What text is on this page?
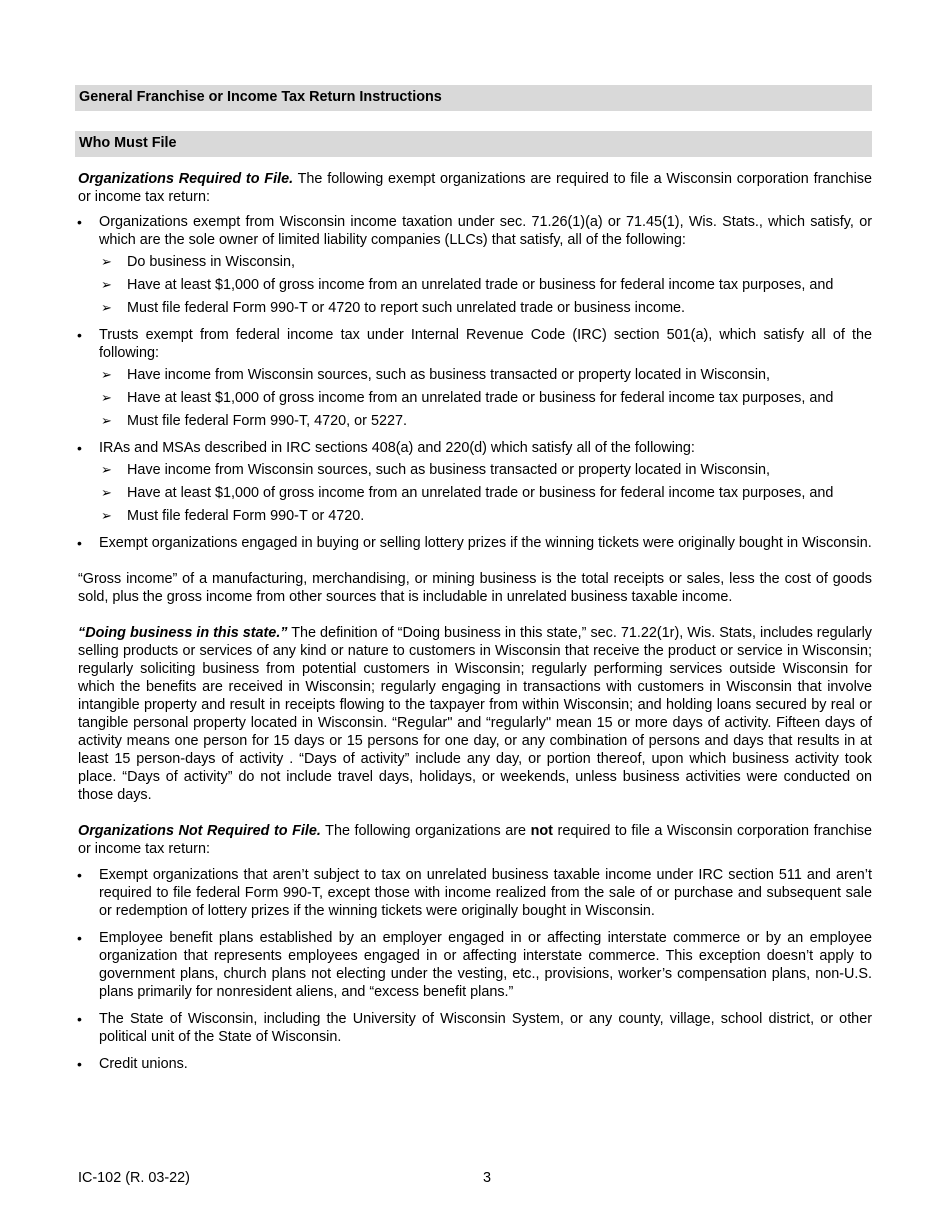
General Franchise or Income Tax Return Instructions
Who Must File

Organizations Required to File. The following exempt organizations are required to file a Wisconsin corporation franchise or income tax return:

• Organizations exempt from Wisconsin income taxation under sec. 71.26(1)(a) or 71.45(1), Wis. Stats., which satisfy, or which are the sole owner of limited liability companies (LLCs) that satisfy, all of the following:
➢ Do business in Wisconsin,
➢ Have at least $1,000 of gross income from an unrelated trade or business for federal income tax purposes, and
➢ Must file federal Form 990-T or 4720 to report such unrelated trade or business income.
• Trusts exempt from federal income tax under Internal Revenue Code (IRC) section 501(a), which satisfy all of the following:
➢ Have income from Wisconsin sources, such as business transacted or property located in Wisconsin,
➢ Have at least $1,000 of gross income from an unrelated trade or business for federal income tax purposes, and
➢ Must file federal Form 990-T, 4720, or 5227.
• IRAs and MSAs described in IRC sections 408(a) and 220(d) which satisfy all of the following:
➢ Have income from Wisconsin sources, such as business transacted or property located in Wisconsin,
➢ Have at least $1,000 of gross income from an unrelated trade or business for federal income tax purposes, and
➢ Must file federal Form 990-T or 4720.
• Exempt organizations engaged in buying or selling lottery prizes if the winning tickets were originally bought in Wisconsin.

“Gross income” of a manufacturing, merchandising, or mining business is the total receipts or sales, less the cost of goods sold, plus the gross income from other sources that is includable in unrelated business taxable income.

“Doing business in this state.” The definition of “Doing business in this state,” sec. 71.22(1r), Wis. Stats, includes regularly selling products or services of any kind or nature to customers in Wisconsin that receive the product or service in Wisconsin; regularly soliciting business from potential customers in Wisconsin; regularly performing services outside Wisconsin for which the benefits are received in Wisconsin; regularly engaging in transactions with customers in Wisconsin that involve intangible property and result in receipts flowing to the taxpayer from within Wisconsin; and holding loans secured by real or tangible personal property located in Wisconsin. “Regular" and “regularly" mean 15 or more days of activity. Fifteen days of activity means one person for 15 days or 15 persons for one day, or any combination of persons and days that results in at least 15 person-days of activity . “Days of activity” include any day, or portion thereof, upon which business activity took place. “Days of activity” do not include travel days, holidays, or weekends, unless business activities were conducted on those days.

Organizations Not Required to File. The following organizations are not required to file a Wisconsin corporation franchise or income tax return:

• Exempt organizations that aren’t subject to tax on unrelated business taxable income under IRC section 511 and aren’t required to file federal Form 990-T, except those with income realized from the sale of or purchase and subsequent sale or redemption of lottery prizes if the winning tickets were originally bought in Wisconsin.
• Employee benefit plans established by an employer engaged in or affecting interstate commerce or by an employee organization that represents employees engaged in or affecting interstate commerce. This exception doesn’t apply to government plans, church plans not electing under the vesting, etc., provisions, worker’s compensation plans, non-U.S. plans primarily for nonresident aliens, and “excess benefit plans.”
• The State of Wisconsin, including the University of Wisconsin System, or any county, village, school district, or other political unit of the State of Wisconsin.
• Credit unions.
IC-102 (R. 03-22)	3
